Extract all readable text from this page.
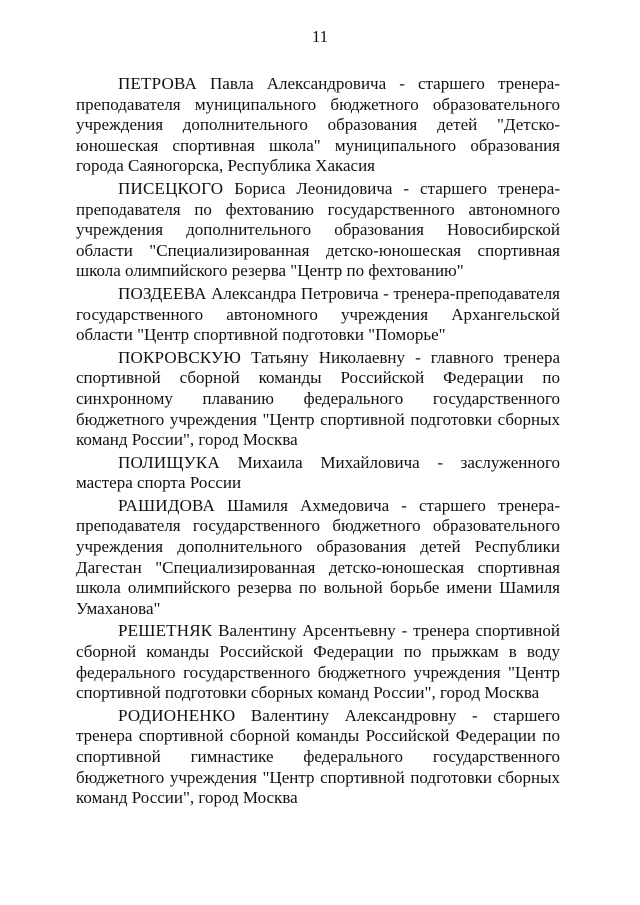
11

ПЕТРОВА Павла Александровича - старшего тренера-преподавателя муниципального бюджетного образовательного учреждения дополнительного образования детей "Детско-юношеская спортивная школа" муниципального образования города Саяногорска, Республика Хакасия

ПИСЕЦКОГО Бориса Леонидовича - старшего тренера-преподавателя по фехтованию государственного автономного учреждения дополнительного образования Новосибирской области "Специализированная детско-юношеская спортивная школа олимпийского резерва "Центр по фехтованию"

ПОЗДЕЕВА Александра Петровича - тренера-преподавателя государственного автономного учреждения Архангельской области "Центр спортивной подготовки "Поморье"

ПОКРОВСКУЮ Татьяну Николаевну - главного тренера спортивной сборной команды Российской Федерации по синхронному плаванию федерального государственного бюджетного учреждения "Центр спортивной подготовки сборных команд России", город Москва

ПОЛИЩУКА Михаила Михайловича - заслуженного мастера спорта России

РАШИДОВА Шамиля Ахмедовича - старшего тренера-преподавателя государственного бюджетного образовательного учреждения дополнительного образования детей Республики Дагестан "Специализированная детско-юношеская спортивная школа олимпийского резерва по вольной борьбе имени Шамиля Умаханова"

РЕШЕТНЯК Валентину Арсентьевну - тренера спортивной сборной команды Российской Федерации по прыжкам в воду федерального государственного бюджетного учреждения "Центр спортивной подготовки сборных команд России", город Москва

РОДИОНЕНКО Валентину Александровну - старшего тренера спортивной сборной команды Российской Федерации по спортивной гимнастике федерального государственного бюджетного учреждения "Центр спортивной подготовки сборных команд России", город Москва
